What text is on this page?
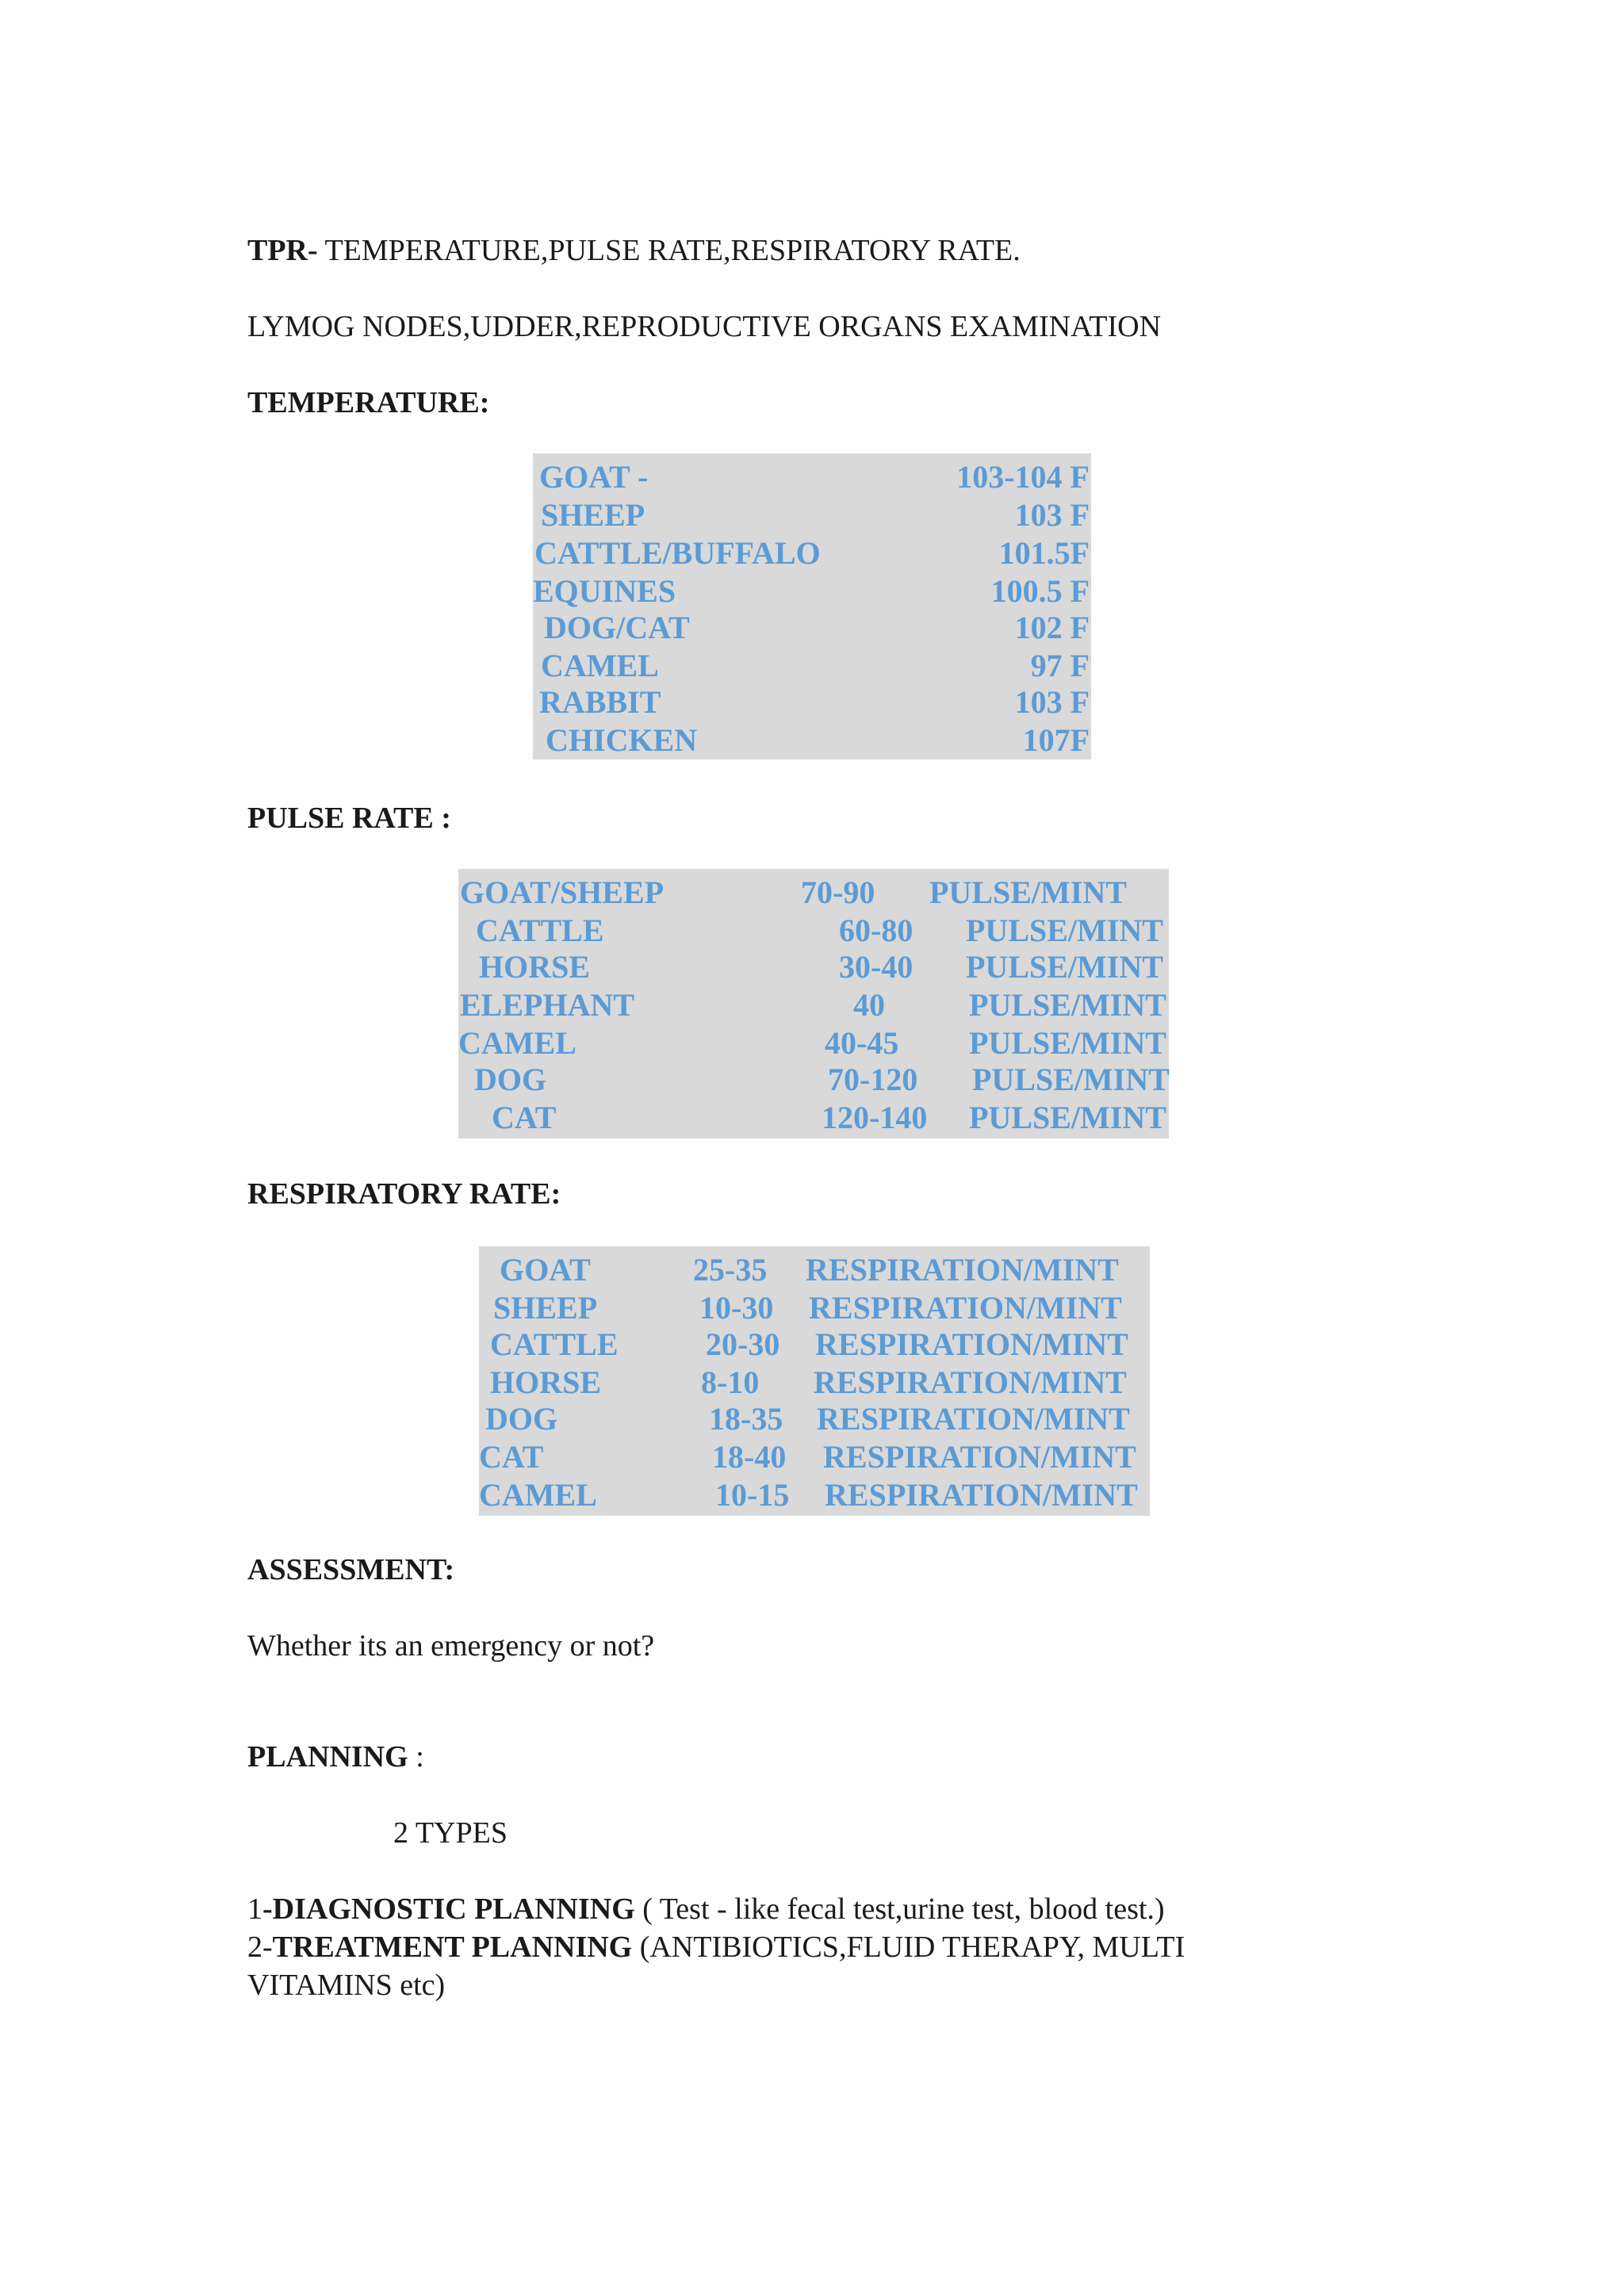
TPR- TEMPERATURE,PULSE RATE,RESPIRATORY RATE.
LYMOG NODES,UDDER,REPRODUCTIVE ORGANS EXAMINATION
TEMPERATURE:
GOAT -	103-104 F
SHEEP	103 F
CATTLE/BUFFALO	101.5F
EQUINES	100.5 F
DOG/CAT	102 F
CAMEL	97 F
RABBIT	103 F
CHICKEN	107F
PULSE RATE :
GOAT/SHEEP	70-90 PULSE/MINT
CATTLE	60-80 PULSE/MINT
HORSE	30-40 PULSE/MINT
ELEPHANT	40	PULSE/MINT
CAMEL	40-45 PULSE/MINT
DOG	70-120 PULSE/MINT
CAT	120-140 PULSE/MINT
RESPIRATORY RATE:
GOAT	25-35 RESPIRATION/MINT
SHEEP	10-30 RESPIRATION/MINT
CATTLE	20-30 RESPIRATION/MINT
HORSE	8-10 RESPIRATION/MINT
DOG	18-35 RESPIRATION/MINT
CAT	18-40 RESPIRATION/MINT
CAMEL	10-15 RESPIRATION/MINT
ASSESSMENT:
Whether its an emergency or not?
PLANNING :
2 TYPES
1-DIAGNOSTIC PLANNING ( Test - like fecal test,urine test, blood test.)
2-TREATMENT PLANNING (ANTIBIOTICS,FLUID THERAPY, MULTI
VITAMINS etc)
